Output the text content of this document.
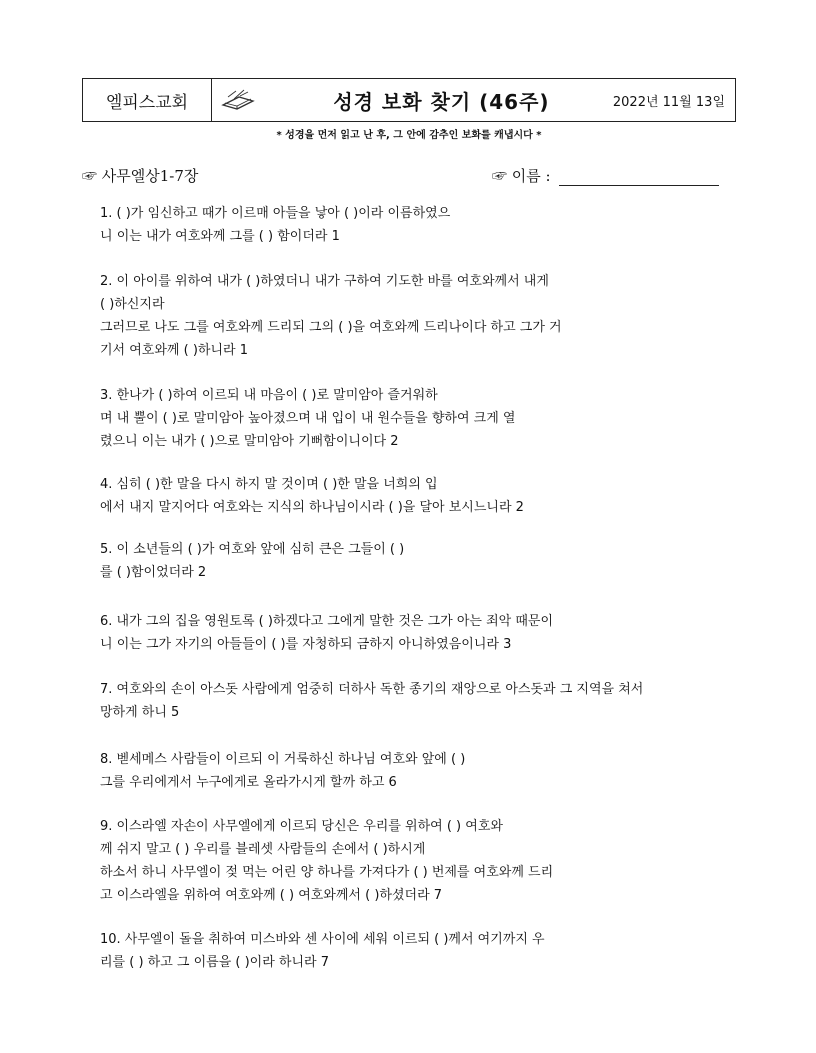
엘피스교회	성경 보화 찾기 (46주)	2022년 11월 13일
* 성경을 먼저 읽고 난 후, 그 안에 감추인 보화를 캐냅시다 *
☞ 사무엘상1-7장	☞ 이름 :

1. ( )가 임신하고 때가 이르매 아들을 낳아 ( )이라 이름하였으

니 이는 내가 여호와께 그를 ( ) 함이더라 1

2. 이 아이를 위하여 내가 ( )하였더니 내가 구하여 기도한 바를 여호와께서 내게

( )하신지라

그러므로 나도 그를 여호와께 드리되 그의 ( )을 여호와께 드리나이다 하고 그가 거

기서 여호와께 ( )하니라 1

3. 한나가 ( )하여 이르되 내 마음이 ( )로 말미암아 즐거워하

며 내 뿔이 ( )로 말미암아 높아졌으며 내 입이 내 원수들을 향하여 크게 열

렸으니 이는 내가 ( )으로 말미암아 기뻐함이니이다 2

4. 심히 ( )한 말을 다시 하지 말 것이며 ( )한 말을 너희의 입

에서 내지 말지어다 여호와는 지식의 하나님이시라 ( )을 달아 보시느니라 2

5. 이 소년들의 ( )가 여호와 앞에 심히 큰은 그들이 ( )

를 ( )함이었더라 2

6. 내가 그의 집을 영원토록 ( )하겠다고 그에게 말한 것은 그가 아는 죄악 때문이

니 이는 그가 자기의 아들들이 ( )를 자청하되 금하지 아니하였음이니라 3

7. 여호와의 손이 아스돗 사람에게 엄중히 더하사 독한 종기의 재앙으로 아스돗과 그 지역을 쳐서

망하게 하니 5

8. 벧세메스 사람들이 이르되 이 거룩하신 하나님 여호와 앞에 ( )

그를 우리에게서 누구에게로 올라가시게 할까 하고 6

9. 이스라엘 자손이 사무엘에게 이르되 당신은 우리를 위하여 ( ) 여호와

께 쉬지 말고 ( ) 우리를 블레셋 사람들의 손에서 ( )하시게

하소서 하니 사무엘이 젖 먹는 어린 양 하나를 가져다가 ( ) 번제를 여호와께 드리

고 이스라엘을 위하여 여호와께 ( ) 여호와께서 ( )하셨더라 7

10. 사무엘이 돌을 취하여 미스바와 센 사이에 세워 이르되 ( )께서 여기까지 우

리를 ( ) 하고 그 이름을 ( )이라 하니라 7
